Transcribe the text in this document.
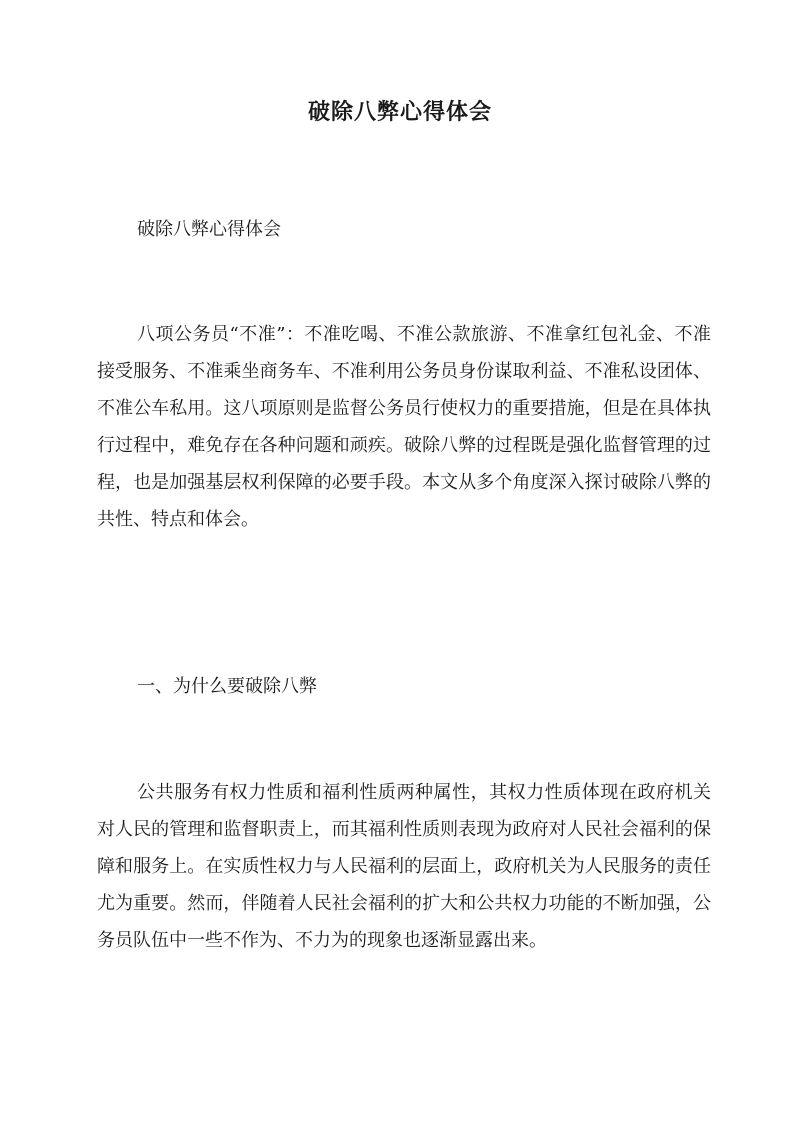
破除八弊心得体会

破除八弊心得体会

八项公务员“不准”：不准吃喝、不准公款旅游、不准拿红包礼金、不准接受服务、不准乘坐商务车、不准利用公务员身份谋取利益、不准私设团体、不准公车私用。这八项原则是监督公务员行使权力的重要措施，但是在具体执行过程中，难免存在各种问题和顽疾。破除八弊的过程既是强化监督管理的过程，也是加强基层权利保障的必要手段。本文从多个角度深入探讨破除八弊的共性、特点和体会。

一、为什么要破除八弊

公共服务有权力性质和福利性质两种属性，其权力性质体现在政府机关对人民的管理和监督职责上，而其福利性质则表现为政府对人民社会福利的保障和服务上。在实质性权力与人民福利的层面上，政府机关为人民服务的责任尤为重要。然而，伴随着人民社会福利的扩大和公共权力功能的不断加强，公务员队伍中一些不作为、不力为的现象也逐渐显露出来。
